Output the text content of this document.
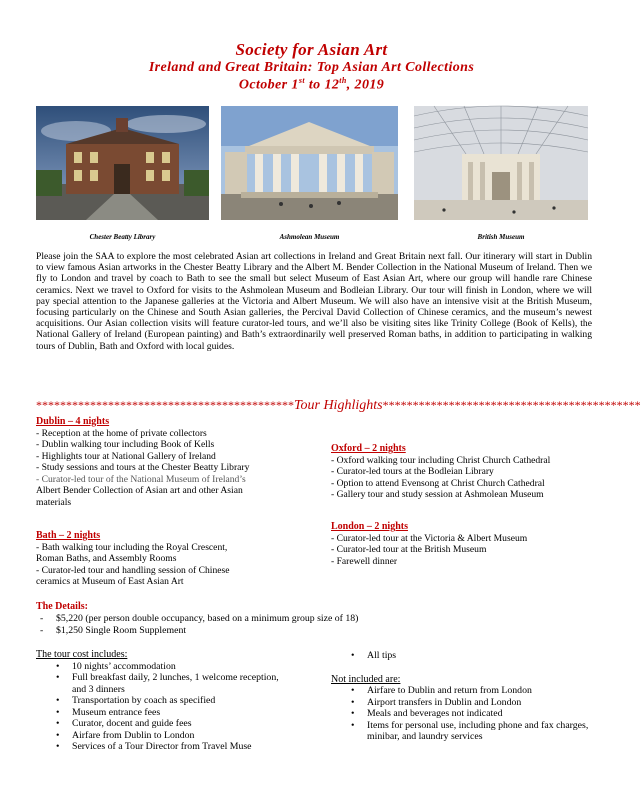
Society for Asian Art
Ireland and Great Britain: Top Asian Art Collections
October 1st to 12th, 2019
Chester Beatty Library	Ashmolean Museum	British Museum
Please join the SAA to explore the most celebrated Asian art collections in Ireland and Great Britain next fall. Our itinerary will start in Dublin to view famous Asian artworks in the Chester Beatty Library and the Albert M. Bender Collection in the National Museum of Ireland. Then we fly to London and travel by coach to Bath to see the small but select Museum of East Asian Art, where our group will handle rare Chinese ceramics. Next we travel to Oxford for visits to the Ashmolean Museum and Bodleian Library. Our tour will finish in London, where we will pay special attention to the Japanese galleries at the Victoria and Albert Museum. We will also have an intensive visit at the British Museum, focusing particularly on the Chinese and South Asian galleries, the Percival David Collection of Chinese ceramics, and the museum’s newest acquisitions. Our Asian collection visits will feature curator-led tours, and we’ll also be visiting sites like Trinity College (Book of Kells), the National Gallery of Ireland (European painting) and Bath’s extraordinarily well preserved Roman baths, in addition to participating in walking tours of Dublin, Bath and Oxford with local guides.
*******************************************Tour Highlights*******************************************
Dublin – 4 nights
- Reception at the home of private collectors
- Dublin walking tour including Book of Kells
- Highlights tour at National Gallery of Ireland
- Study sessions and tours at the Chester Beatty Library
- Curator-led tour of the National Museum of Ireland’s
Albert Bender Collection of Asian art and other Asian
materials
Bath – 2 nights
- Bath walking tour including the Royal Crescent,
Roman Baths, and Assembly Rooms
- Curator-led tour and handling session of Chinese
ceramics at Museum of East Asian Art
Oxford – 2 nights
- Oxford walking tour including Christ Church Cathedral
- Curator-led tours at the Bodleian Library
- Option to attend Evensong at Christ Church Cathedral
- Gallery tour and study session at Ashmolean Museum
London – 2 nights
- Curator-led tour at the Victoria & Albert Museum
- Curator-led tour at the British Museum
- Farewell dinner
The Details:
- $5,220 (per person double occupancy, based on a minimum group size of 18)
- $1,250 Single Room Supplement
The tour cost includes:
• 10 nights’ accommodation
• Full breakfast daily, 2 lunches, 1 welcome reception, and 3 dinners
• Transportation by coach as specified
• Museum entrance fees
• Curator, docent and guide fees
• Airfare from Dublin to London
• Services of a Tour Director from Travel Muse
• All tips
Not included are:
• Airfare to Dublin and return from London
• Airport transfers in Dublin and London
• Meals and beverages not indicated
• Items for personal use, including phone and fax charges, minibar, and laundry services
